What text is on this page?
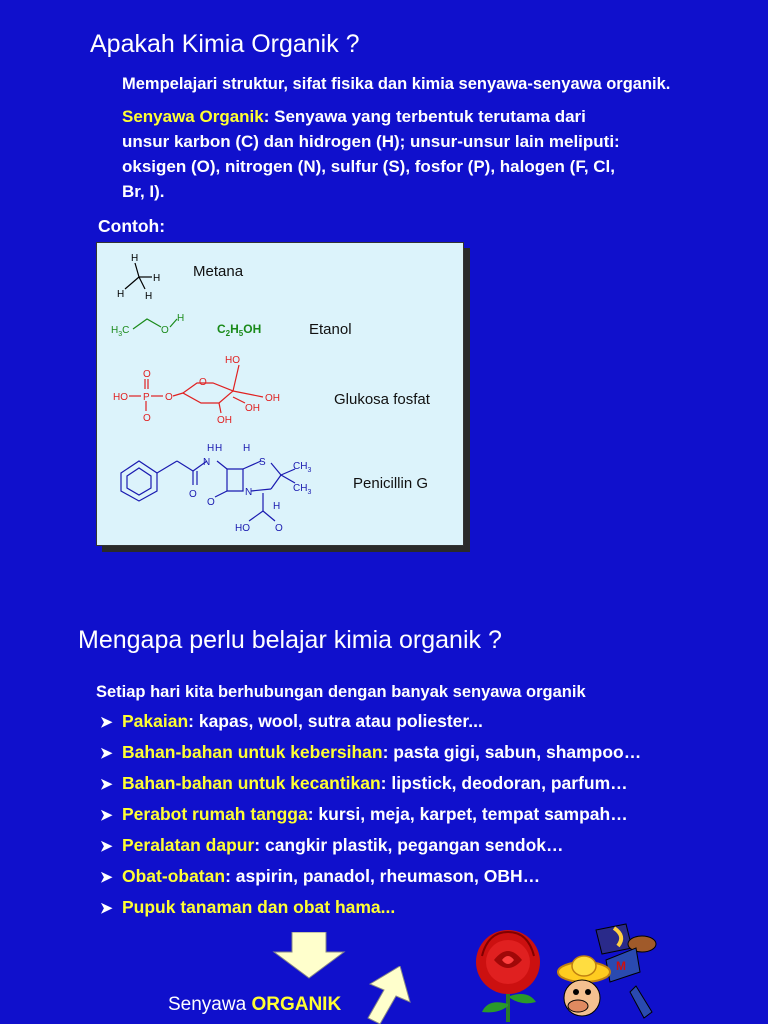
Apakah Kimia Organik ?
Mempelajari struktur, sifat fisika dan kimia senyawa-senyawa organik.
Senyawa Organik: Senyawa yang terbentuk terutama dari
unsur karbon (C) dan hidrogen (H); unsur-unsur lain meliputi:
oksigen (O), nitrogen (N), sulfur (S), fosfor (P), halogen (F, Cl,
Br, I).
Contoh:
H
H
H H
Metana
$H_3C$	O
H
$C_2H_5OH$	Etanol
HO
O
HO P O
O
O
OH
OH
OH
Glukosa fosfat
H H H
N
O
O
N
S	$CH_3$
$CH_3$
H
HO	O
Penicillin G
Mengapa perlu belajar kimia organik ?
Setiap hari kita berhubungan dengan banyak senyawa organik
➤ Pakaian: kapas, wool, sutra atau poliester...
➤ Bahan-bahan untuk kebersihan: pasta gigi, sabun, shampoo…
➤ Bahan-bahan untuk kecantikan: lipstick, deodoran, parfum…
➤ Perabot rumah tangga: kursi, meja, karpet, tempat sampah…
➤ Peralatan dapur: cangkir plastik, pegangan sendok…
➤ Obat-obatan: aspirin, panadol, rheumason, OBH…
➤ Pupuk tanaman dan obat hama...
Senyawa ORGANIK
M
